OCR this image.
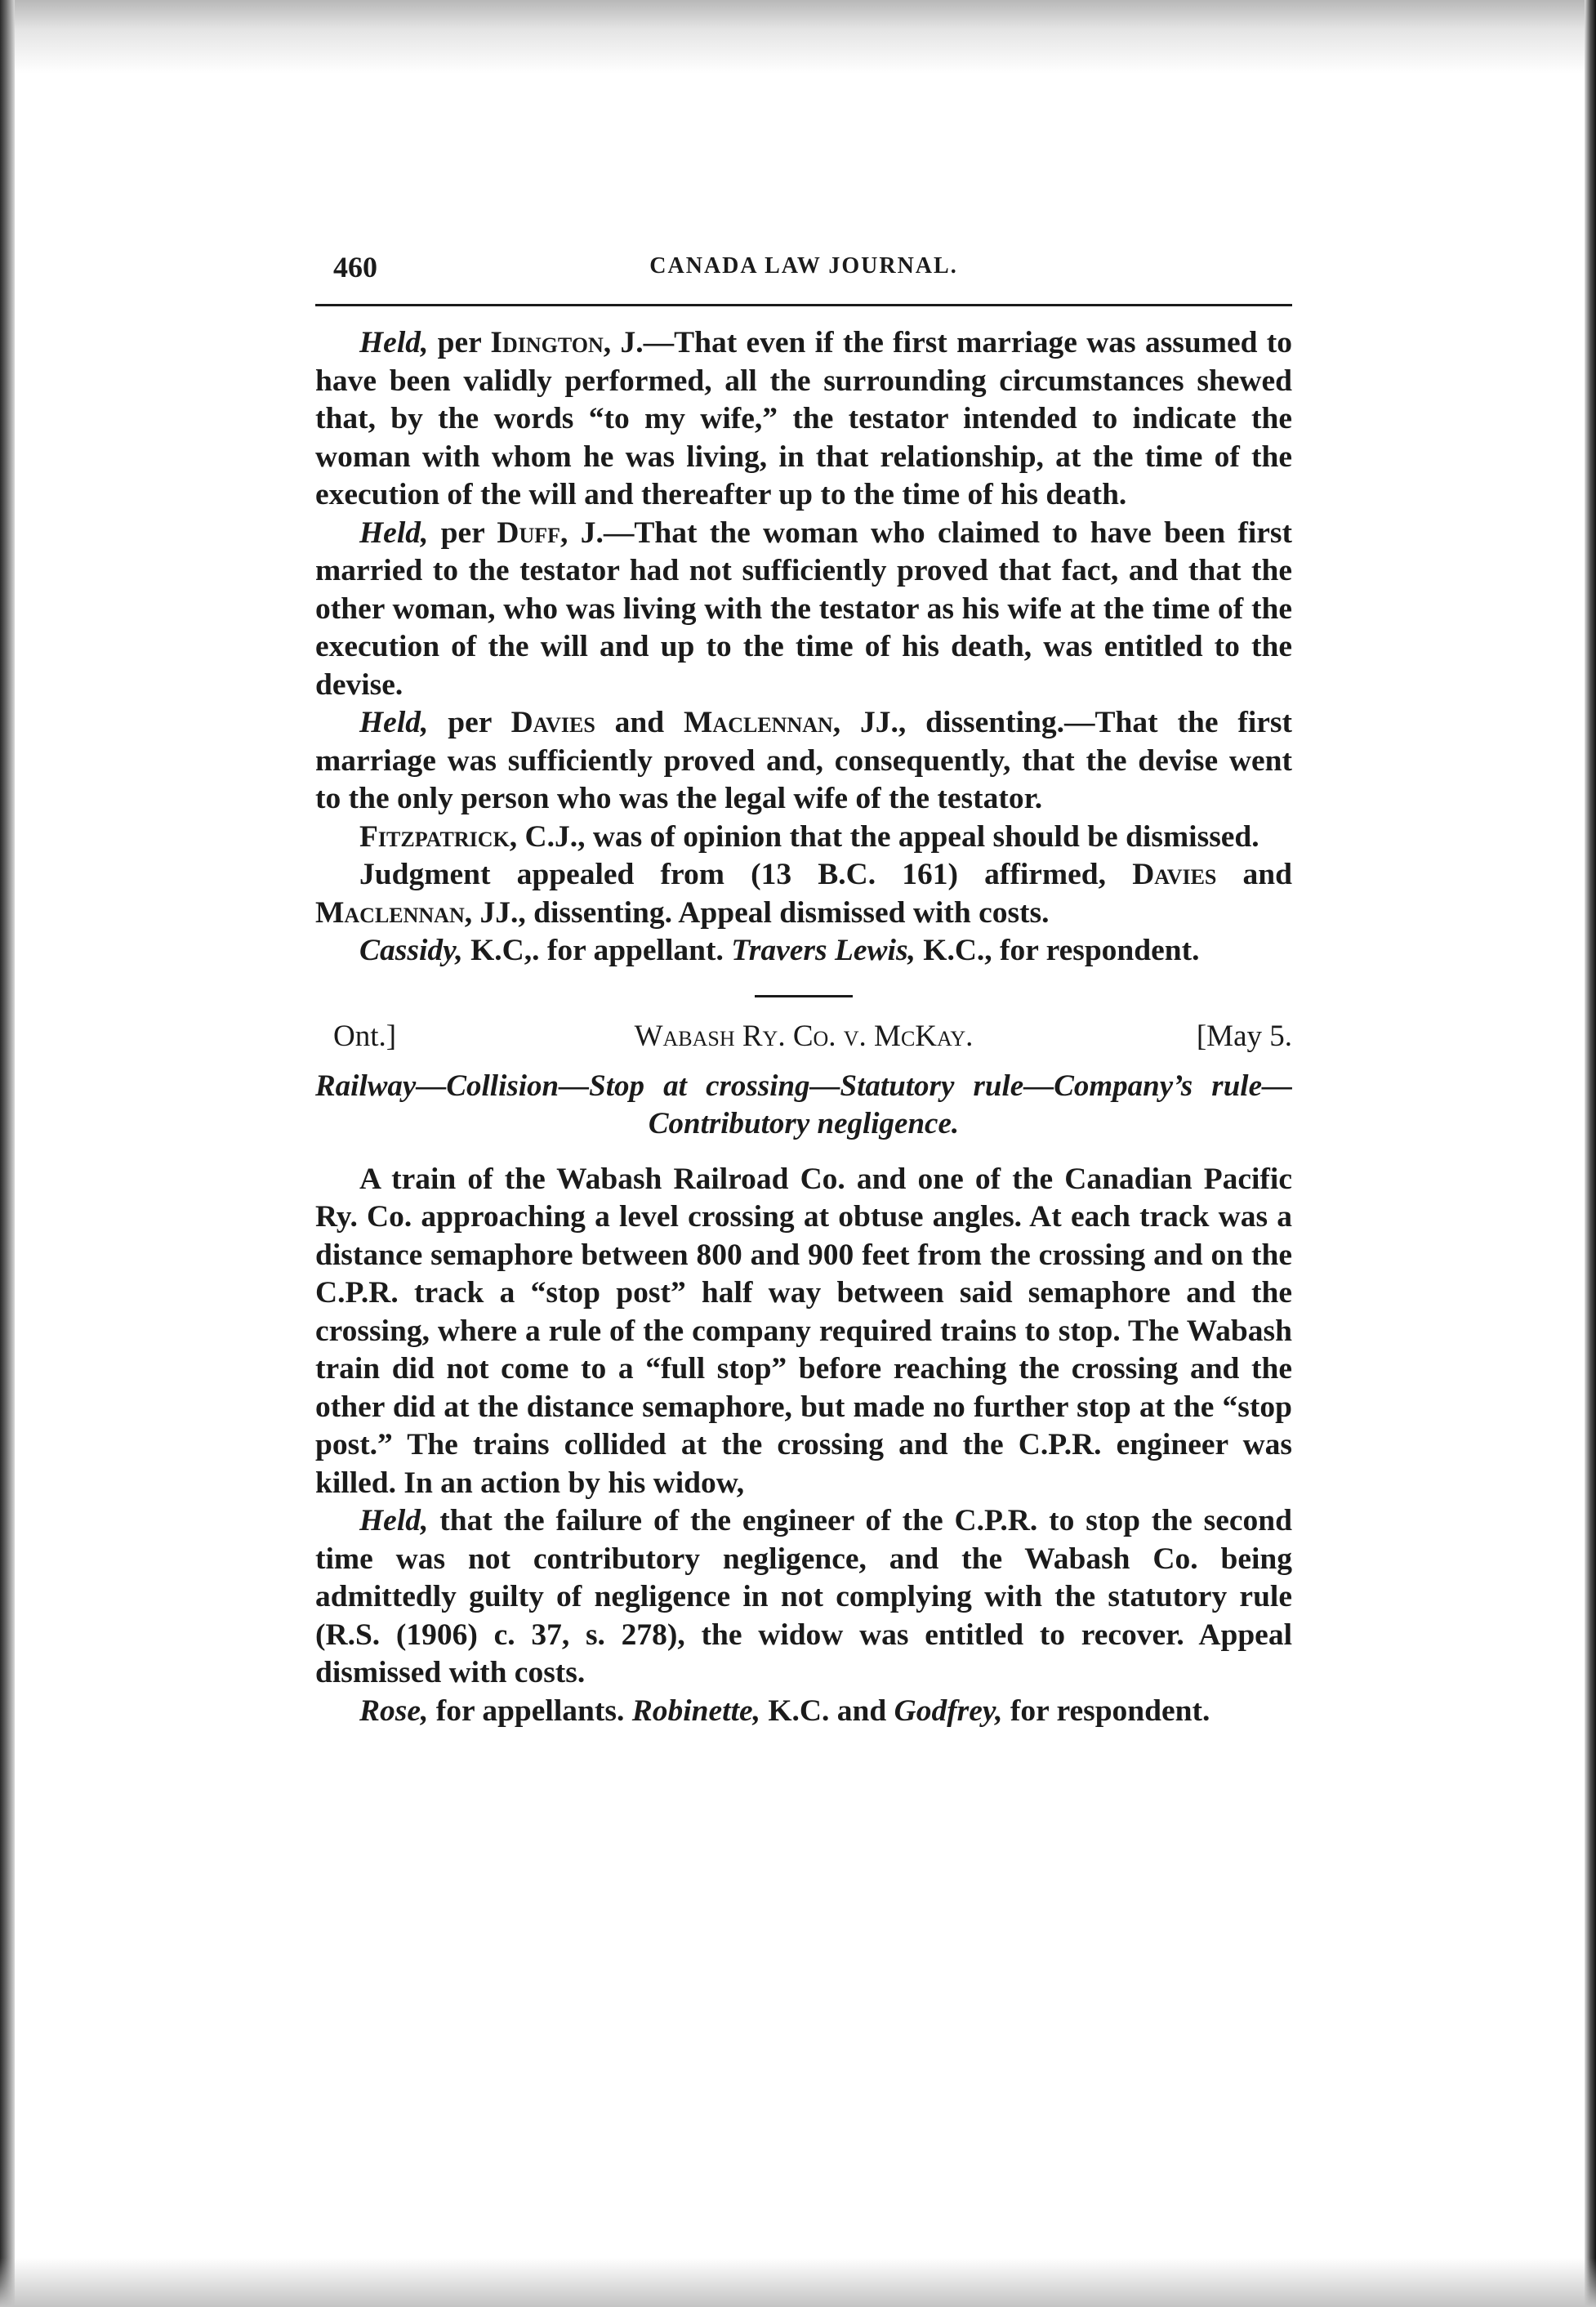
460	CANADA LAW JOURNAL.

Held, per Idington, J.—That even if the first marriage was assumed to have been validly performed, all the surrounding circumstances shewed that, by the words “to my wife,” the testator intended to indicate the woman with whom he was living, in that relationship, at the time of the execution of the will and thereafter up to the time of his death.

Held, per Duff, J.—That the woman who claimed to have been first married to the testator had not sufficiently proved that fact, and that the other woman, who was living with the testator as his wife at the time of the execution of the will and up to the time of his death, was entitled to the devise.

Held, per Davies and Maclennan, JJ., dissenting.—That the first marriage was sufficiently proved and, consequently, that the devise went to the only person who was the legal wife of the testator.

Fitzpatrick, C.J., was of opinion that the appeal should be dismissed.

Judgment appealed from (13 B.C. 161) affirmed, Davies and Maclennan, JJ., dissenting. Appeal dismissed with costs.

Cassidy, K.C,. for appellant. Travers Lewis, K.C., for respondent.

Ont.]	Wabash Ry. Co. v. McKay.	[May 5.

Railway—Collision—Stop at crossing—Statutory rule—Company’s rule—Contributory negligence.

A train of the Wabash Railroad Co. and one of the Canadian Pacific Ry. Co. approaching a level crossing at obtuse angles. At each track was a distance semaphore between 800 and 900 feet from the crossing and on the C.P.R. track a “stop post” half way between said semaphore and the crossing, where a rule of the company required trains to stop. The Wabash train did not come to a “full stop” before reaching the crossing and the other did at the distance semaphore, but made no further stop at the “stop post.” The trains collided at the crossing and the C.P.R. engineer was killed. In an action by his widow,

Held, that the failure of the engineer of the C.P.R. to stop the second time was not contributory negligence, and the Wabash Co. being admittedly guilty of negligence in not complying with the statutory rule (R.S. (1906) c. 37, s. 278), the widow was entitled to recover. Appeal dismissed with costs.

Rose, for appellants. Robinette, K.C. and Godfrey, for respondent.
